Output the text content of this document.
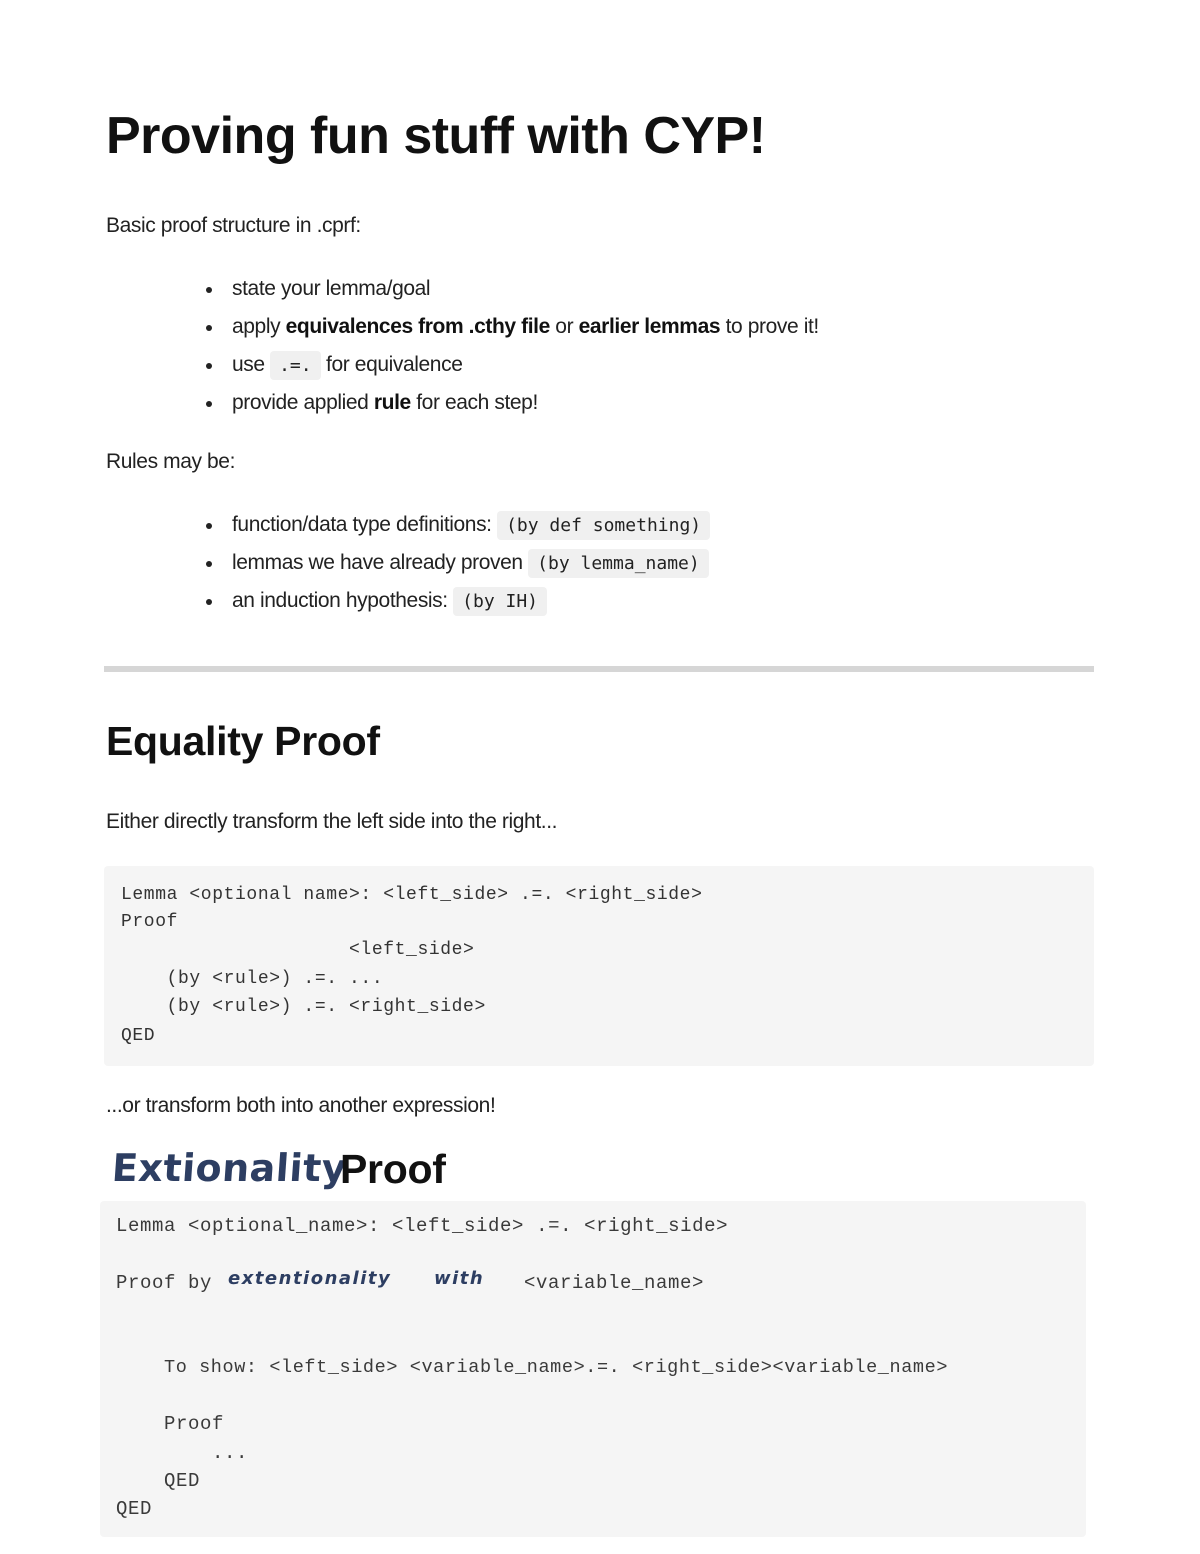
Proving fun stuff with CYP!
Basic proof structure in .cprf:
state your lemma/goal
apply equivalences from .cthy file or earlier lemmas to prove it!
use .=. for equivalence
provide applied rule for each step!
Rules may be:
function/data type definitions: (by def something)
lemmas we have already proven (by lemma_name)
an induction hypothesis: (by IH)
Equality Proof
Either directly transform the left side into the right...
Lemma <optional name>: <left_side> .=. <right_side>
Proof
<left_side>
(by <rule>) .=. ...
(by <rule>) .=. <right_side>
QED
...or transform both into another expression!
Extionality
Proof
Lemma <optional_name>: <left_side> .=. <right_side>
Proof by extentionality with <variable_name>
To show: <left_side> <variable_name>.=. <right_side><variable_name>
Proof
...
QED
QED
